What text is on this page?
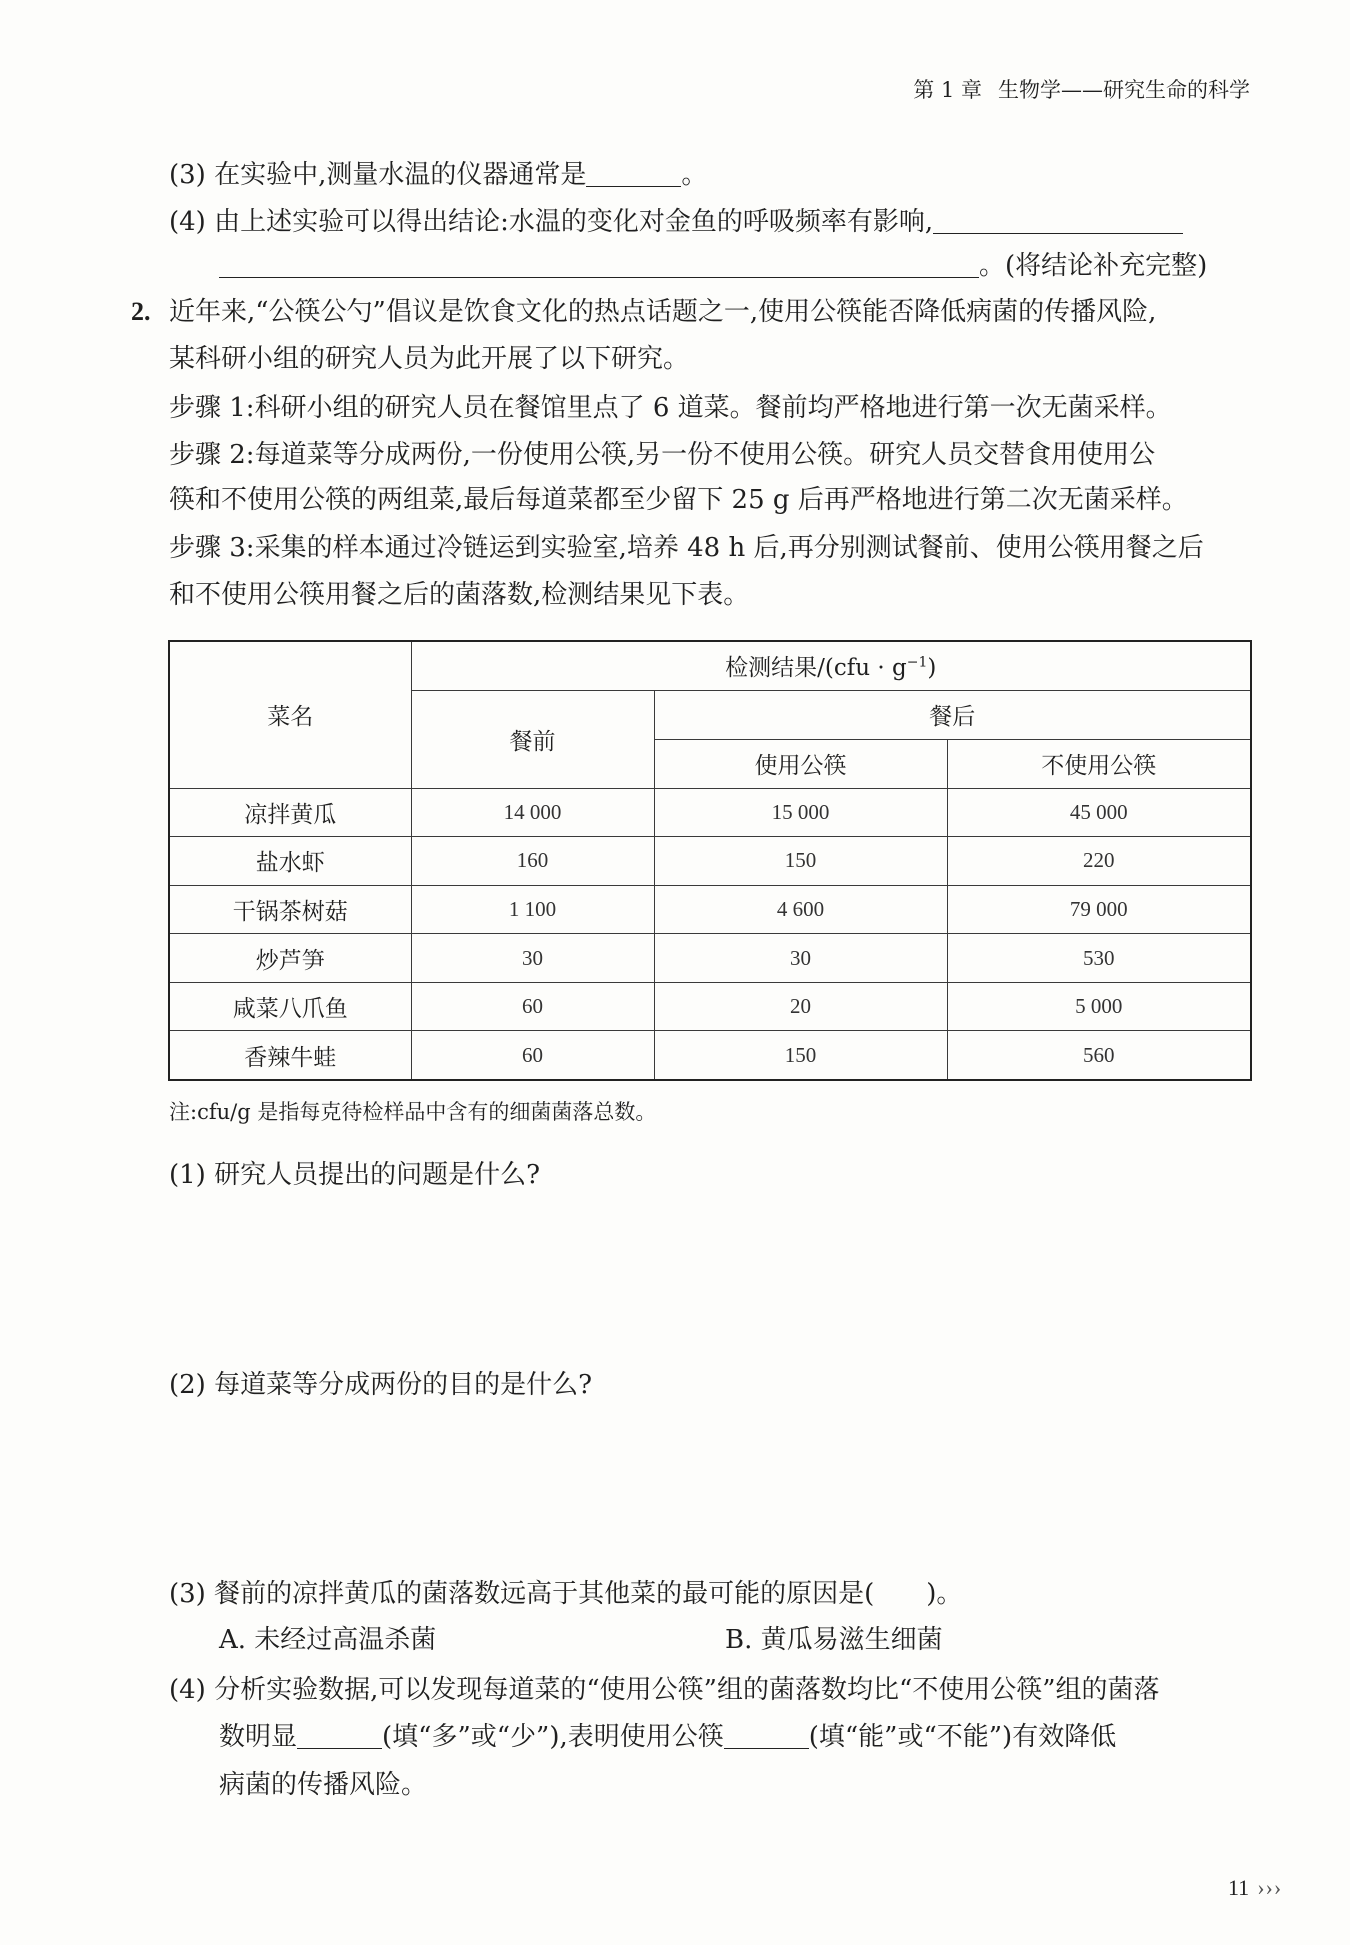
第 1 章 生物学——研究生命的科学
(3) 在实验中,测量水温的仪器通常是	。
(4) 由上述实验可以得出结论:水温的变化对金鱼的呼吸频率有影响,
。(将结论补充完整)
2. 近年来,“公筷公勺”倡议是饮食文化的热点话题之一,使用公筷能否降低病菌的传播风险,
某科研小组的研究人员为此开展了以下研究。
步骤 1:科研小组的研究人员在餐馆里点了 6 道菜。餐前均严格地进行第一次无菌采样。
步骤 2:每道菜等分成两份,一份使用公筷,另一份不使用公筷。研究人员交替食用使用公
筷和不使用公筷的两组菜,最后每道菜都至少留下 25 g 后再严格地进行第二次无菌采样。
步骤 3:采集的样本通过冷链运到实验室,培养 48 h 后,再分别测试餐前、使用公筷用餐之后
和不使用公筷用餐之后的菌落数,检测结果见下表。
菜名	检测结果$/(cfu \cdot g^{-1})$		
	餐前	餐后	
		使用公筷	不使用公筷
凉拌黄瓜	14 000	15 000	45 000
盐水虾	160	150	220
干锅茶树菇	1 100	4 600	79 000
炒芦笋	30	30	530
咸菜八爪鱼	60	20	5 000
香辣牛蛙	60	150	560
注:cfu/g 是指每克待检样品中含有的细菌菌落总数。
(1) 研究人员提出的问题是什么?
(2) 每道菜等分成两份的目的是什么?
(3) 餐前的凉拌黄瓜的菌落数远高于其他菜的最可能的原因是(　　)。
A. 未经过高温杀菌	B. 黄瓜易滋生细菌
(4) 分析实验数据,可以发现每道菜的“使用公筷”组的菌落数均比“不使用公筷”组的菌落
数明显	(填“多”或“少”),表明使用公筷	(填“能”或“不能”)有效降低
病菌的传播风险。
11 ›››
